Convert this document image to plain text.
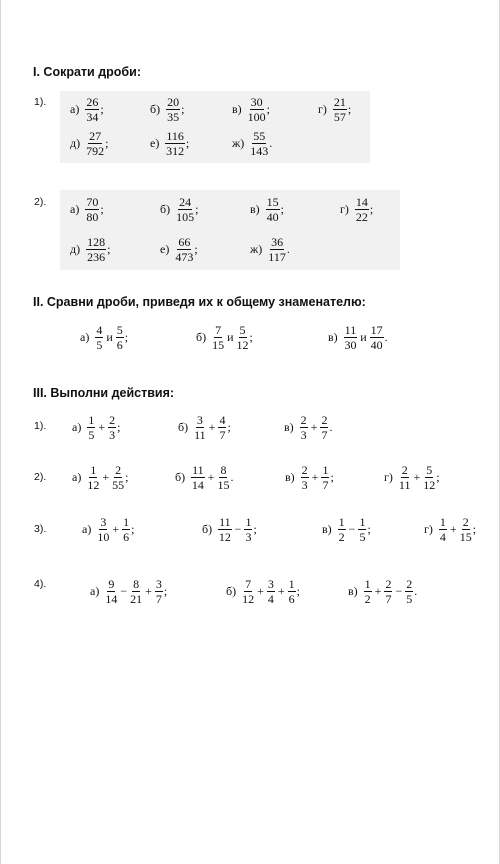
I. Сократи дроби:
1). $а) \frac{26}{34}$ ;	$б) \frac{20}{35}$ ;	$в) \frac{30}{100}$ ;	$г) \frac{21}{57}$ ;
$д) \frac{27}{792}$ ;	$е) \frac{116}{312}$ ;	$ж) \frac{55}{143}$ .
2). $а) \frac{70}{80}$ ;	$б) \frac{24}{105}$ ;	$в) \frac{15}{40}$ ;	$г) \frac{14}{22}$ ;
$д) \frac{128}{236}$ ;	$е) \frac{66}{473}$ ;	$ж) \frac{36}{117}$ .
II. Сравни дроби, приведя их к общему знаменателю:
$а) \frac{4}{5}$ и $\frac{5}{6}$ ;	$б) \frac{7}{15}$ и $\frac{5}{12}$ ;	$в) \frac{11}{30}$ и $\frac{17}{40}$ .
III. Выполни действия:
1). $а) \frac{1}{5} + \frac{2}{3}$ ;	$б) \frac{3}{11} + \frac{4}{7}$ ;	$в) \frac{2}{3} + \frac{2}{7}$ .
2). $а) \frac{1}{12} + \frac{2}{55}$ ;	$б) \frac{11}{14} + \frac{8}{15}$ .	$в) \frac{2}{3} + \frac{1}{7}$ ;	$г) \frac{2}{11} + \frac{5}{12}$ ;
3).	$а) \frac{3}{10} + \frac{1}{6}$ ;	$б) \frac{11}{12} - \frac{1}{3}$ ;	$в) \frac{1}{2} - \frac{1}{5}$ ;	$г) \frac{1}{4} + \frac{2}{15}$ ;
4).	$а) \frac{9}{14} - \frac{8}{21} + \frac{3}{7}$ ;	$б) \frac{7}{12} + \frac{3}{4} + \frac{1}{6}$ ;	$в) \frac{1}{2} + \frac{2}{7} - \frac{2}{5}$ .
